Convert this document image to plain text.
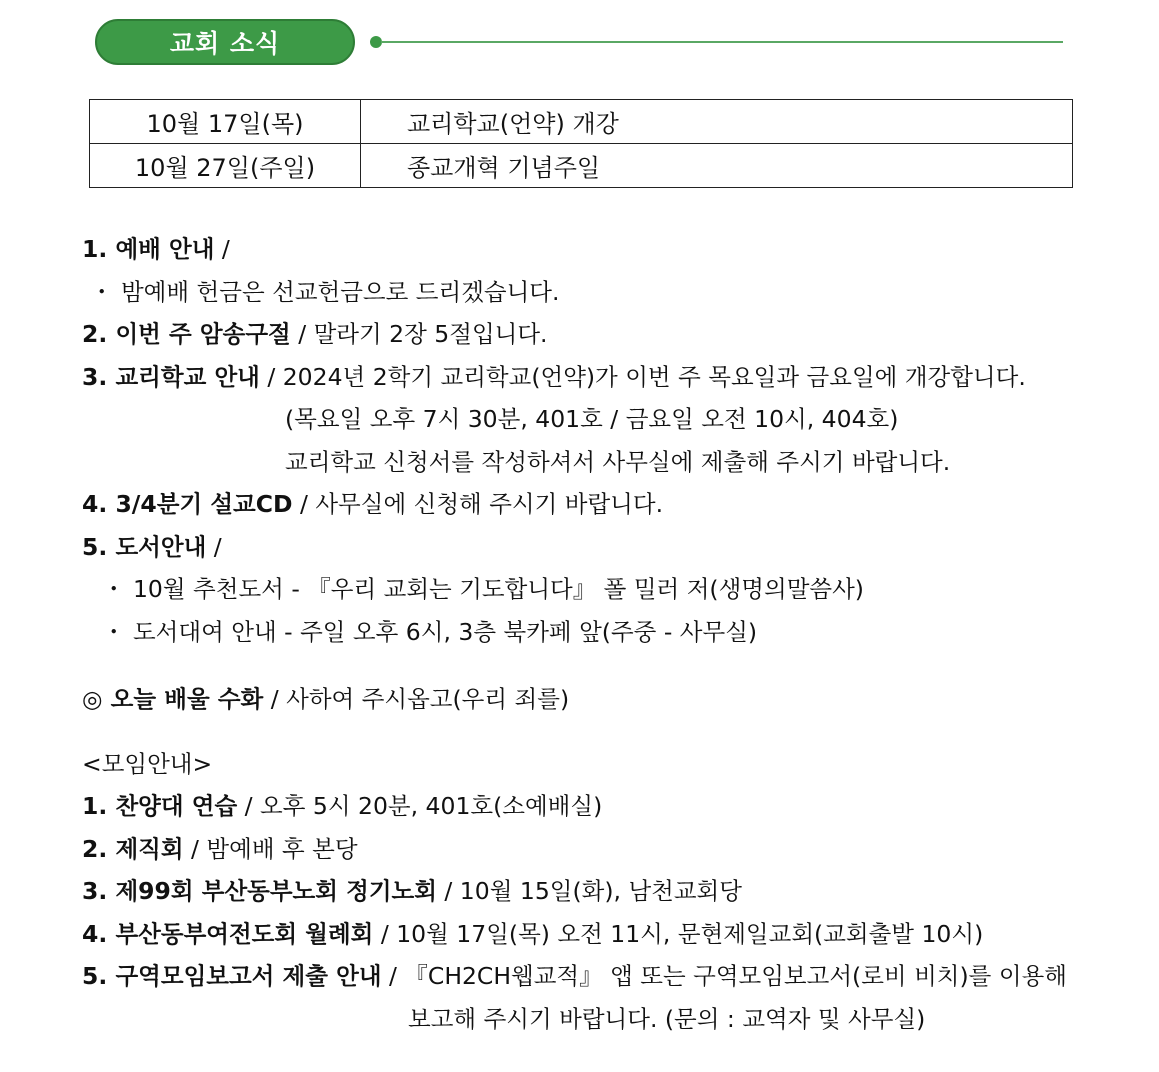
교회 소식
10월 17일(목)	교리학교(언약) 개강
10월 27일(주일)	종교개혁 기념주일
1. 예배 안내 /
・ 밤예배 헌금은 선교헌금으로 드리겠습니다.
2. 이번 주 암송구절 / 말라기 2장 5절입니다.
3. 교리학교 안내 / 2024년 2학기 교리학교(언약)가 이번 주 목요일과 금요일에 개강합니다.
(목요일 오후 7시 30분, 401호 / 금요일 오전 10시, 404호)
교리학교 신청서를 작성하셔서 사무실에 제출해 주시기 바랍니다.
4. 3/4분기 설교CD / 사무실에 신청해 주시기 바랍니다.
5. 도서안내 /
・ 10월 추천도서 - 『우리 교회는 기도합니다』 폴 밀러 저(생명의말씀사)
・ 도서대여 안내 - 주일 오후 6시, 3층 북카페 앞(주중 - 사무실)
◎ 오늘 배울 수화 / 사하여 주시옵고(우리 죄를)
<모임안내>
1. 찬양대 연습 / 오후 5시 20분, 401호(소예배실)
2. 제직회 / 밤예배 후 본당
3. 제99회 부산동부노회 정기노회 / 10월 15일(화), 남천교회당
4. 부산동부여전도회 월례회 / 10월 17일(목) 오전 11시, 문현제일교회(교회출발 10시)
5. 구역모임보고서 제출 안내 / 『CH2CH웹교적』 앱 또는 구역모임보고서(로비 비치)를 이용해
보고해 주시기 바랍니다. (문의 : 교역자 및 사무실)
